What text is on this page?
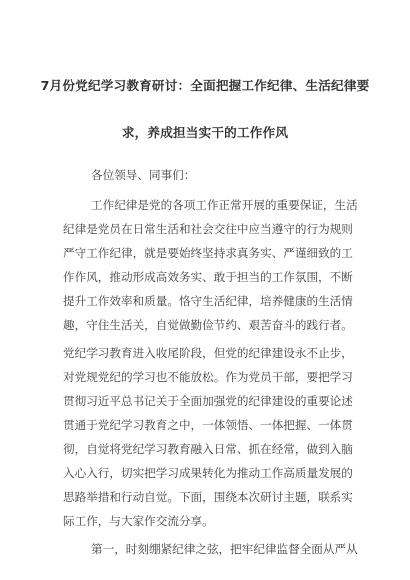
7月份党纪学习教育研讨：全面把握工作纪律、生活纪律要
求，养成担当实干的工作作风
各位领导、同事们：
工作纪律是党的各项工作正常开展的重要保证，生活
纪律是党员在日常生活和社会交往中应当遵守的行为规则
严守工作纪律，就是要始终坚持求真务实、严谨细致的工
作作风，推动形成高效务实、敢于担当的工作氛围，不断
提升工作效率和质量。恪守生活纪律，培养健康的生活情
趣，守住生活关，自觉做勤俭节约、艰苦奋斗的践行者。
党纪学习教育进入收尾阶段，但党的纪律建设永不止步，
对党规党纪的学习也不能放松。作为党员干部，要把学习
贯彻习近平总书记关于全面加强党的纪律建设的重要论述
贯通于党纪学习教育之中，一体领悟、一体把握、一体贯
彻，自觉将党纪学习教育融入日常、抓在经常，做到入脑
入心入行，切实把学习成果转化为推动工作高质量发展的
思路举措和行动自觉。下面，围绕本次研讨主题，联系实
际工作，与大家作交流分享。
第一，时刻绷紧纪律之弦，把牢纪律监督全面从严从
